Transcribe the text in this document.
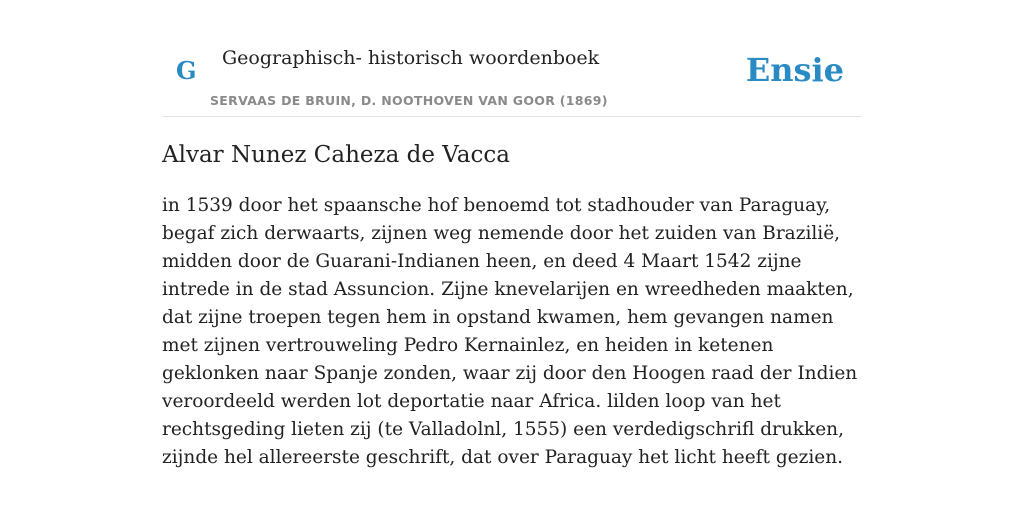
G Geographisch- historisch woordenboek
SERVAAS DE BRUIN, D. NOOTHOVEN VAN GOOR (1869)
Ensie
Alvar Nunez Caheza de Vacca

in 1539 door het spaansche hof benoemd tot stadhouder van Paraguay, begaf zich derwaarts, zijnen weg nemende door het zuiden van Brazilië, midden door de Guarani-Indianen heen, en deed 4 Maart 1542 zijne intrede in de stad Assuncion. Zijne knevelarijen en wreedheden maakten, dat zijne troepen tegen hem in opstand kwamen, hem gevangen namen met zijnen vertrouweling Pedro Kernainlez, en heiden in ketenen geklonken naar Spanje zonden, waar zij door den Hoogen raad der Indien veroordeeld werden lot deportatie naar Africa. lilden loop van het rechtsgeding lieten zij (te Valladolnl, 1555) een verdedigschrifl drukken, zijnde hel allereerste geschrift, dat over Paraguay het licht heeft gezien.
